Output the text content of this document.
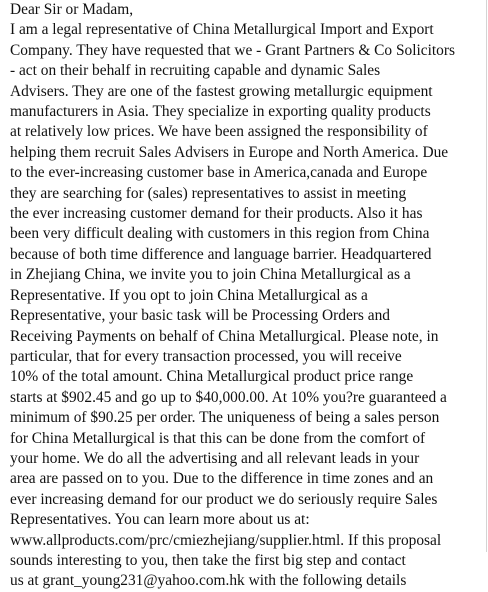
Dear Sir or Madam,
I am a legal representative of China Metallurgical Import and Export
Company. They have requested that we - Grant Partners & Co Solicitors
- act on their behalf in recruiting capable and dynamic Sales
Advisers. They are one of the fastest growing metallurgic equipment
manufacturers in Asia. They specialize in exporting quality products
at relatively low prices. We have been assigned the responsibility of
helping them recruit Sales Advisers in Europe and North America. Due
to the ever-increasing customer base in America,canada and Europe
they are searching for (sales) representatives to assist in meeting
the ever increasing customer demand for their products. Also it has
been very difficult dealing with customers in this region from China
because of both time difference and language barrier. Headquartered
in Zhejiang China, we invite you to join China Metallurgical as a
Representative. If you opt to join China Metallurgical as a
Representative, your basic task will be Processing Orders and
Receiving Payments on behalf of China Metallurgical. Please note, in
particular, that for every transaction processed, you will receive
10% of the total amount. China Metallurgical product price range
starts at $902.45 and go up to $40,000.00. At 10% you?re guaranteed a
minimum of $90.25 per order. The uniqueness of being a sales person
for China Metallurgical is that this can be done from the comfort of
your home. We do all the advertising and all relevant leads in your
area are passed on to you. Due to the difference in time zones and an
ever increasing demand for our product we do seriously require Sales
Representatives. You can learn more about us at:
www.allproducts.com/prc/cmiezhejiang/supplier.html. If this proposal
sounds interesting to you, then take the first big step and contact
us at grant_young231@yahoo.com.hk with the following details
